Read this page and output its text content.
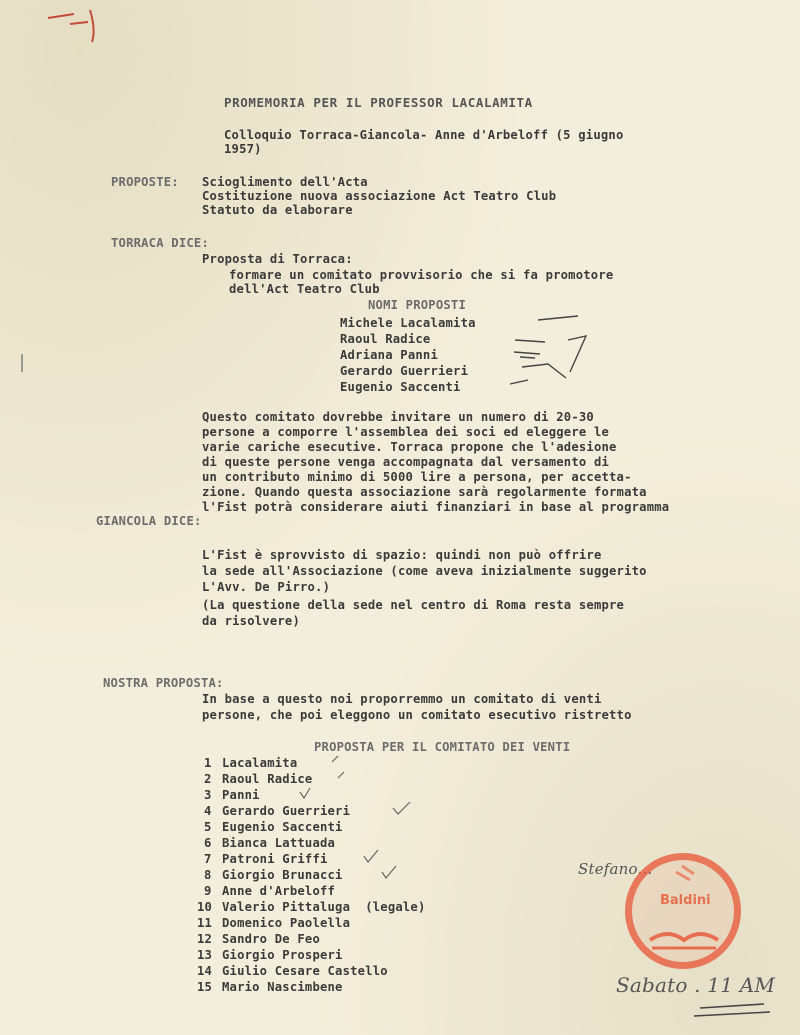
PROMEMORIA PER IL PROFESSOR LACALAMITA
Colloquio Torraca-Giancola- Anne d'Arbeloff (5 giugno
1957)
PROPOSTE: Scioglimento dell'Acta
Costituzione nuova associazione Act Teatro Club
Statuto da elaborare
TORRACA DICE:
Proposta di Torraca:
formare un comitato provvisorio che si fa promotore
dell'Act Teatro Club
NOMI PROPOSTI
Michele Lacalamita
Raoul Radice
Adriana Panni
Gerardo Guerrieri
Eugenio Saccenti
Questo comitato dovrebbe invitare un numero di 20-30
persone a comporre l'assemblea dei soci ed eleggere le
varie cariche esecutive. Torraca propone che l'adesione
di queste persone venga accompagnata dal versamento di
un contributo minimo di 5000 lire a persona, per accetta-
zione. Quando questa associazione sarà regolarmente formata
l'Fist potrà considerare aiuti finanziari in base al programma
GIANCOLA DICE:
L'Fist è sprovvisto di spazio: quindi non può offrire
la sede all'Associazione (come aveva inizialmente suggerito
L'Avv. De Pirro.)
(La questione della sede nel centro di Roma resta sempre
da risolvere)
NOSTRA PROPOSTA:
In base a questo noi proporremmo un comitato di venti
persone, che poi eleggono un comitato esecutivo ristretto
PROPOSTA PER IL COMITATO DEI VENTI
1 Lacalamita
2 Raoul Radice
3 Panni
4 Gerardo Guerrieri
5 Eugenio Saccenti
6 Bianca Lattuada
7 Patroni Griffi
8 Giorgio Brunacci
9 Anne d'Arbeloff
10 Valerio Pittaluga  (legale)
11 Domenico Paolella
12 Sandro De Feo
13 Giorgio Prosperi
14 Giulio Cesare Castello
15 Mario Nascimbene
Stefano...
Sabato . 11 AM
Baldini
